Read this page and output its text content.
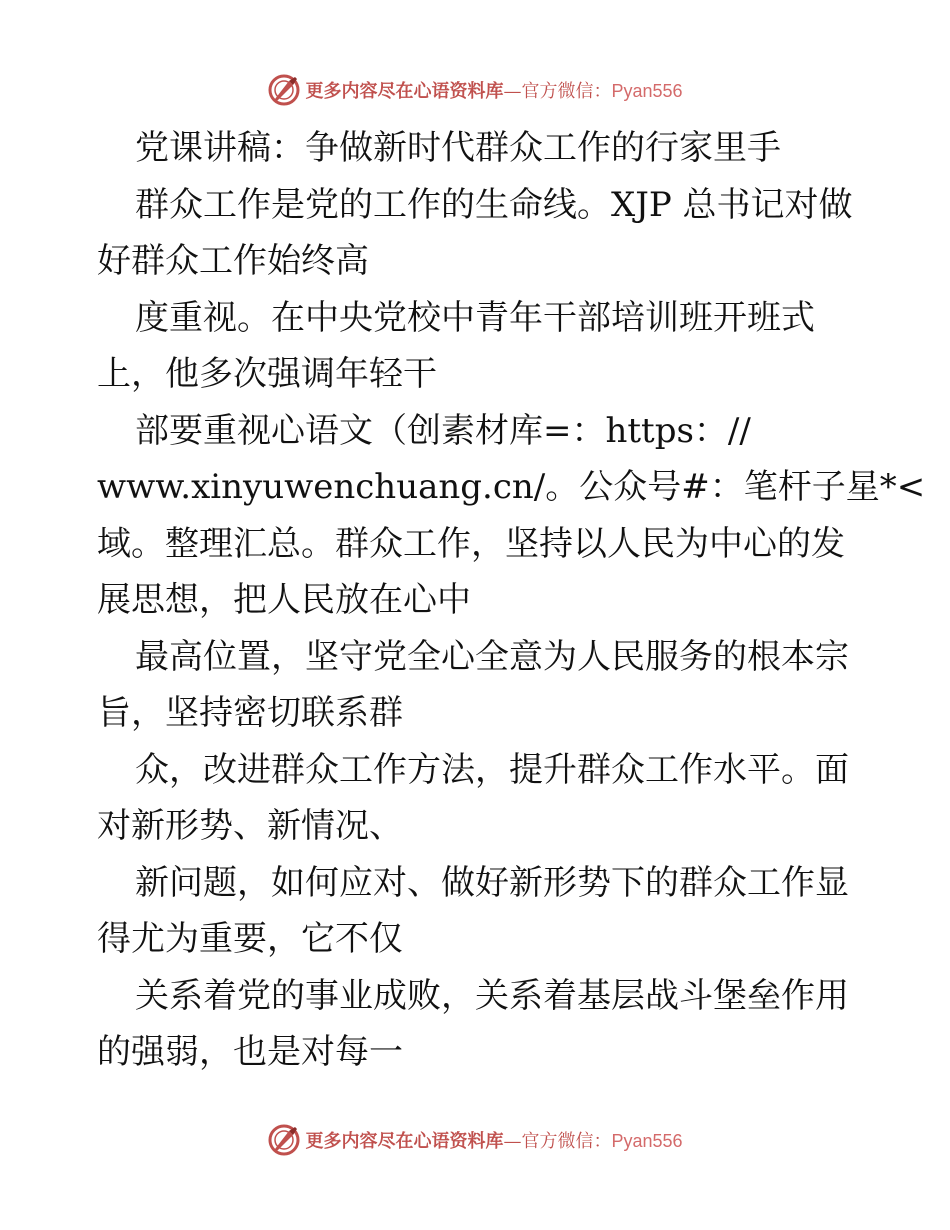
更多内容尽在心语资料库—官方微信：Pyan556
党课讲稿：争做新时代群众工作的行家里手
群众工作是党的工作的生命线。XJP 总书记对做
好群众工作始终高
度重视。在中央党校中青年干部培训班开班式
上，他多次强调年轻干
部要重视心语文（创素材库=：https：//
www.xinyuwenchuang.cn/。公众号#：笔杆子星*<
域。整理汇总。群众工作，坚持以人民为中心的发
展思想，把人民放在心中
最高位置，坚守党全心全意为人民服务的根本宗
旨，坚持密切联系群
众，改进群众工作方法，提升群众工作水平。面
对新形势、新情况、
新问题，如何应对、做好新形势下的群众工作显
得尤为重要，它不仅
关系着党的事业成败，关系着基层战斗堡垒作用
的强弱，也是对每一
更多内容尽在心语资料库—官方微信：Pyan556
